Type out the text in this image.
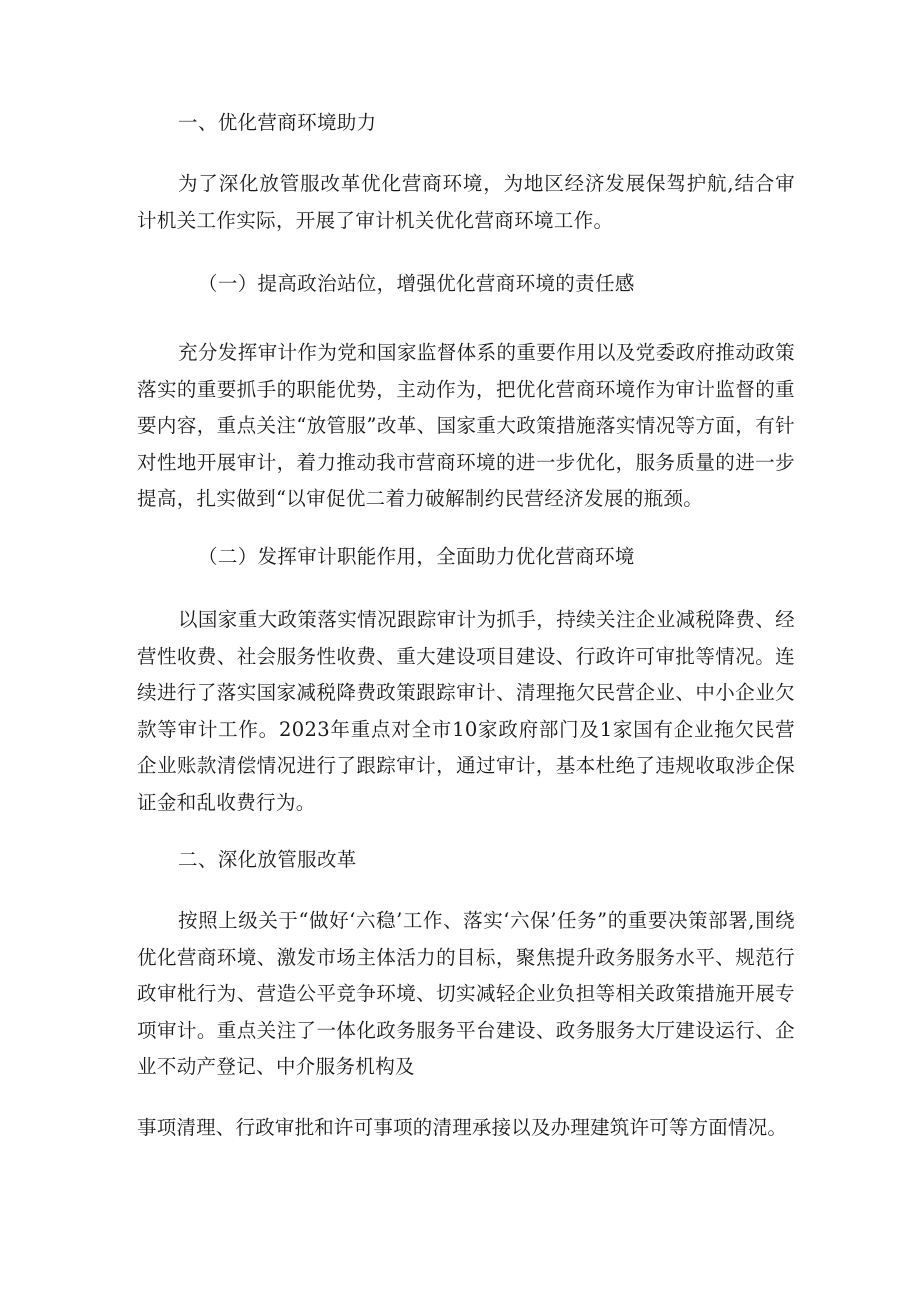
一、优化营商环境助力

为了深化放管服改革优化营商环境，为地区经济发展保驾护航,结合审计机关工作实际，开展了审计机关优化营商环境工作。

（一）提高政治站位，增强优化营商环境的责任感

充分发挥审计作为党和国家监督体系的重要作用以及党委政府推动政策落实的重要抓手的职能优势，主动作为，把优化营商环境作为审计监督的重要内容，重点关注“放管服”改革、国家重大政策措施落实情况等方面，有针对性地开展审计，着力推动我市营商环境的进一步优化，服务质量的进一步提高，扎实做到“以审促优二着力破解制约民营经济发展的瓶颈。

（二）发挥审计职能作用，全面助力优化营商环境

以国家重大政策落实情况跟踪审计为抓手，持续关注企业减税降费、经营性收费、社会服务性收费、重大建设项目建设、行政许可审批等情况。连续进行了落实国家减税降费政策跟踪审计、清理拖欠民营企业、中小企业欠款等审计工作。2023年重点对全市10家政府部门及1家国有企业拖欠民营企业账款清偿情况进行了跟踪审计，通过审计，基本杜绝了违规收取涉企保证金和乱收费行为。

二、深化放管服改革

按照上级关于“做好‘六稳’工作、落实‘六保’任务”的重要决策部署,围绕优化营商环境、激发市场主体活力的目标，聚焦提升政务服务水平、规范行政审枇行为、营造公平竞争环境、切实减轻企业负担等相关政策措施开展专项审计。重点关注了一体化政务服务平台建设、政务服务大厅建设运行、企业不动产登记、中介服务机构及

事项清理、行政审批和许可事项的清理承接以及办理建筑许可等方面情况。
